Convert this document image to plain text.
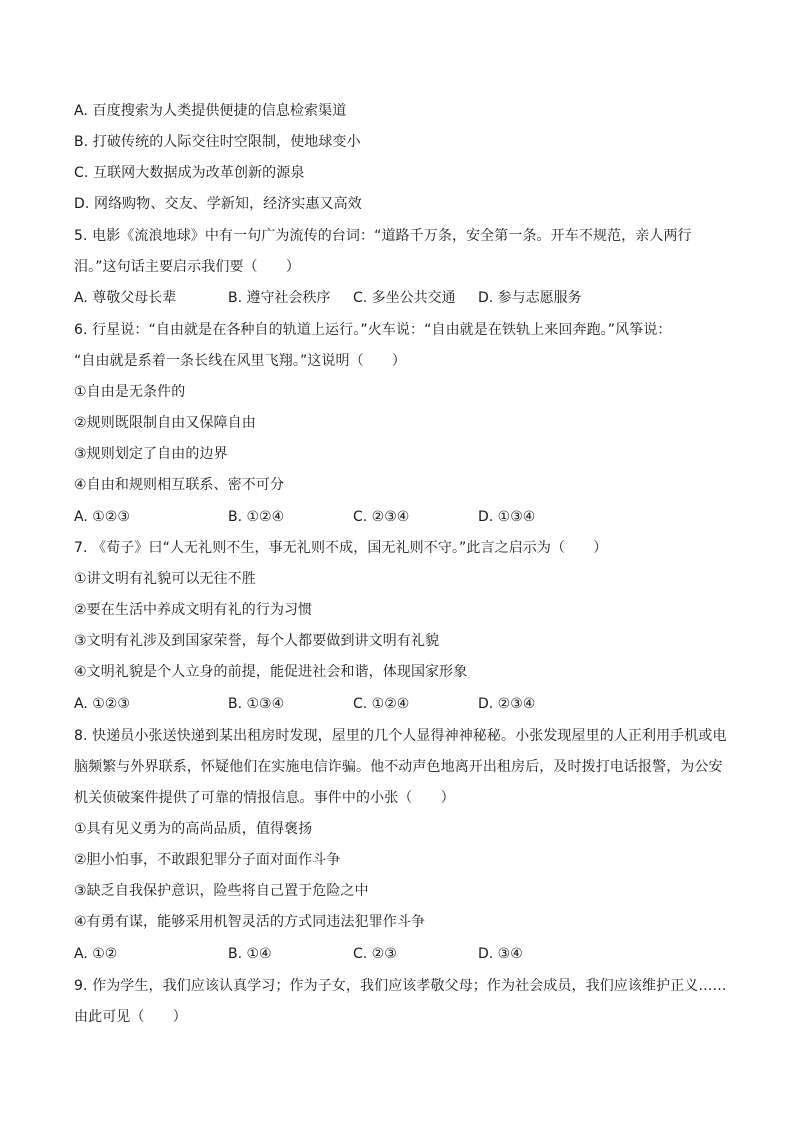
A. 百度搜索为人类提供便捷的信息检索渠道
B. 打破传统的人际交往时空限制，使地球变小
C. 互联网大数据成为改革创新的源泉
D. 网络购物、交友、学新知，经济实惠又高效
5. 电影《流浪地球》中有一句广为流传的台词：“道路千万条，安全第一条。开车不规范，亲人两行
泪。”这句话主要启示我们要（　　）
A. 尊敬父母长辈	B. 遵守社会秩序 C. 多坐公共交通 D. 参与志愿服务
6. 行星说：“自由就是在各种自的轨道上运行。”火车说：“自由就是在铁轨上来回奔跑。”风筝说：
“自由就是系着一条长线在风里飞翔。”这说明（　　）
①自由是无条件的
②规则既限制自由又保障自由
③规则划定了自由的边界
④自由和规则相互联系、密不可分
A. ①②③	B. ①②④	C. ②③④	D. ①③④
7. 《荀子》曰“人无礼则不生，事无礼则不成，国无礼则不守。”此言之启示为（　　）
①讲文明有礼貌可以无往不胜
②要在生活中养成文明有礼的行为习惯
③文明有礼涉及到国家荣誉，每个人都要做到讲文明有礼貌
④文明礼貌是个人立身的前提，能促进社会和谐，体现国家形象
A. ①②③	B. ①③④	C. ①②④	D. ②③④
8. 快递员小张送快递到某出租房时发现，屋里的几个人显得神神秘秘。小张发现屋里的人正利用手机或电
脑频繁与外界联系，怀疑他们在实施电信诈骗。他不动声色地离开出租房后，及时拨打电话报警，为公安
机关侦破案件提供了可靠的情报信息。事件中的小张（　　）
①具有见义勇为的高尚品质，值得褒扬
②胆小怕事，不敢跟犯罪分子面对面作斗争
③缺乏自我保护意识，险些将自己置于危险之中
④有勇有谋，能够采用机智灵活的方式同违法犯罪作斗争
A. ①②	B. ①④	C. ②③	D. ③④
9. 作为学生，我们应该认真学习；作为子女，我们应该孝敬父母；作为社会成员，我们应该维护正义……
由此可见（　　）
